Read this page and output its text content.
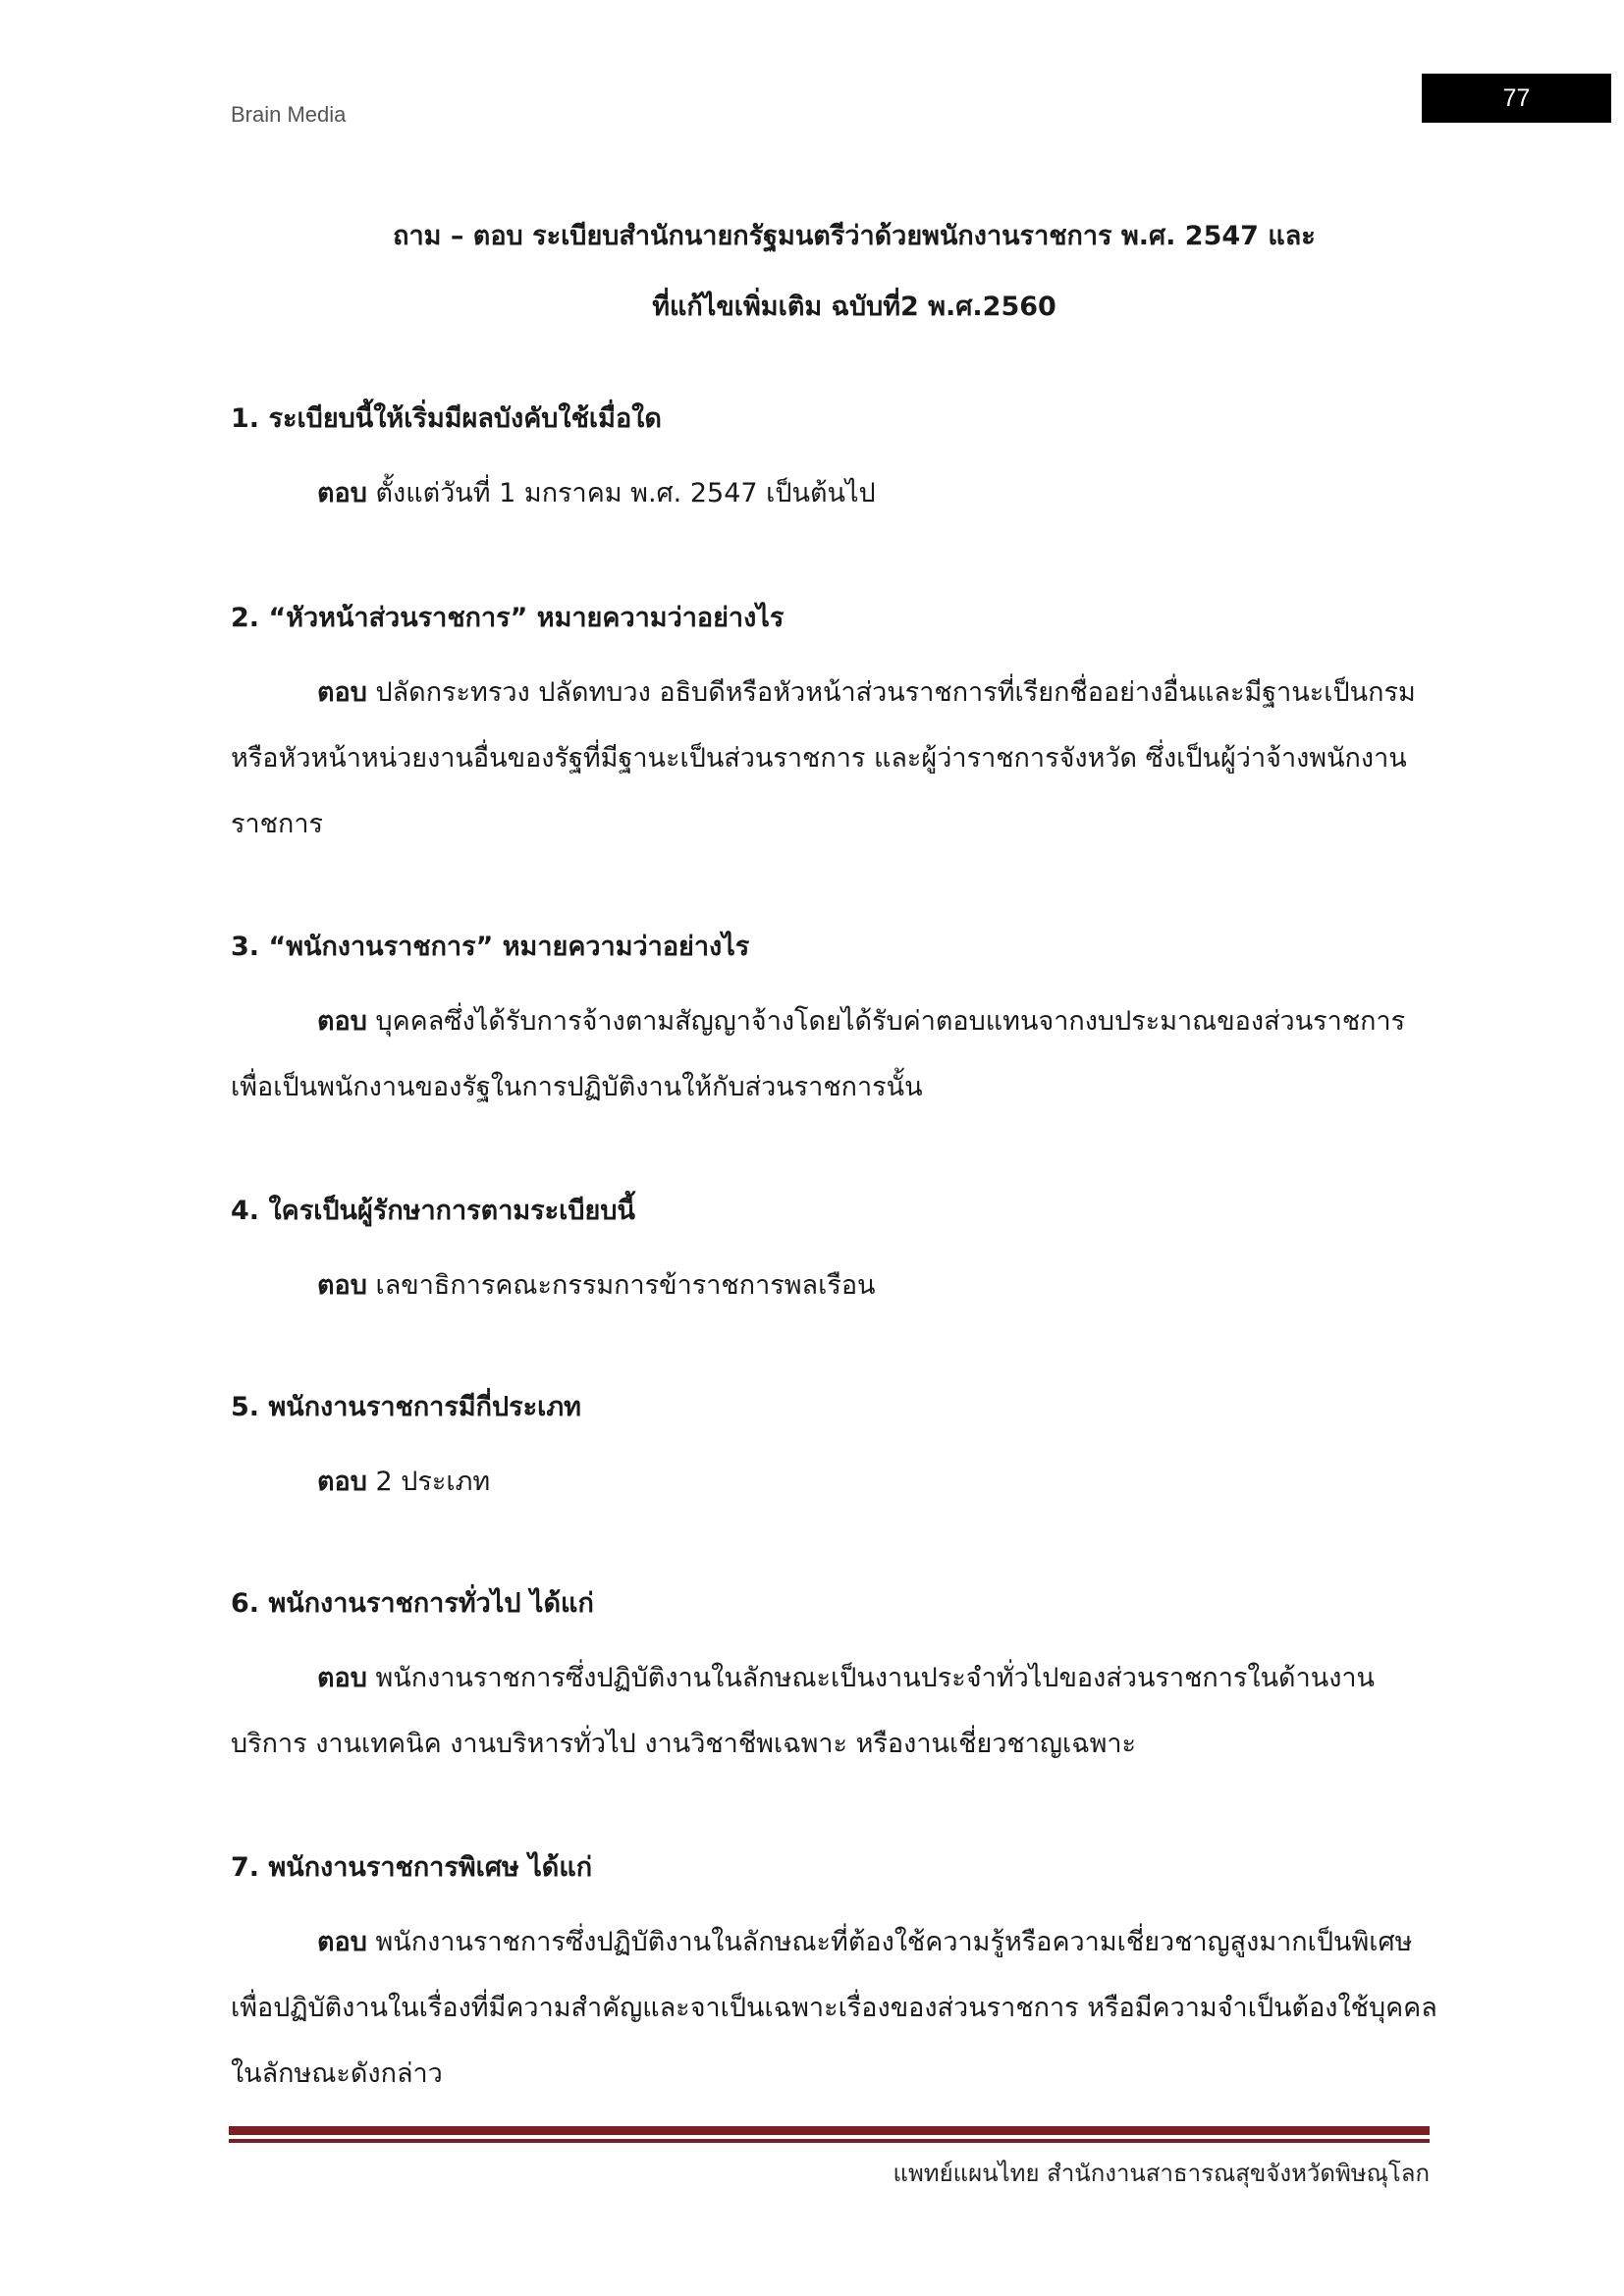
Brain Media
77
ถาม – ตอบ ระเบียบสำนักนายกรัฐมนตรีว่าด้วยพนักงานราชการ พ.ศ. 2547 และ
ที่แก้ไขเพิ่มเติม ฉบับที่2 พ.ศ.2560
1. ระเบียบนี้ให้เริ่มมีผลบังคับใช้เมื่อใด
ตอบ ตั้งแต่วันที่ 1 มกราคม พ.ศ. 2547 เป็นต้นไป
2. “หัวหน้าส่วนราชการ” หมายความว่าอย่างไร
ตอบ ปลัดกระทรวง ปลัดทบวง อธิบดีหรือหัวหน้าส่วนราชการที่เรียกชื่ออย่างอื่นและมีฐานะเป็นกรม หรือหัวหน้าหน่วยงานอื่นของรัฐที่มีฐานะเป็นส่วนราชการ และผู้ว่าราชการจังหวัด ซึ่งเป็นผู้ว่าจ้างพนักงานราชการ
3. “พนักงานราชการ” หมายความว่าอย่างไร
ตอบ บุคคลซึ่งได้รับการจ้างตามสัญญาจ้างโดยได้รับค่าตอบแทนจากงบประมาณของส่วนราชการเพื่อเป็นพนักงานของรัฐในการปฏิบัติงานให้กับส่วนราชการนั้น
4. ใครเป็นผู้รักษาการตามระเบียบนี้
ตอบ เลขาธิการคณะกรรมการข้าราชการพลเรือน
5. พนักงานราชการมีกี่ประเภท
ตอบ 2 ประเภท
6. พนักงานราชการทั่วไป ได้แก่
ตอบ พนักงานราชการซึ่งปฏิบัติงานในลักษณะเป็นงานประจำทั่วไปของส่วนราชการในด้านงานบริการ งานเทคนิค งานบริหารทั่วไป งานวิชาชีพเฉพาะ หรืองานเชี่ยวชาญเฉพาะ
7. พนักงานราชการพิเศษ ได้แก่
ตอบ พนักงานราชการซึ่งปฏิบัติงานในลักษณะที่ต้องใช้ความรู้หรือความเชี่ยวชาญสูงมากเป็นพิเศษเพื่อปฏิบัติงานในเรื่องที่มีความสำคัญและจาเป็นเฉพาะเรื่องของส่วนราชการ หรือมีความจำเป็นต้องใช้บุคคลในลักษณะดังกล่าว
แพทย์แผนไทย สำนักงานสาธารณสุขจังหวัดพิษณุโลก
